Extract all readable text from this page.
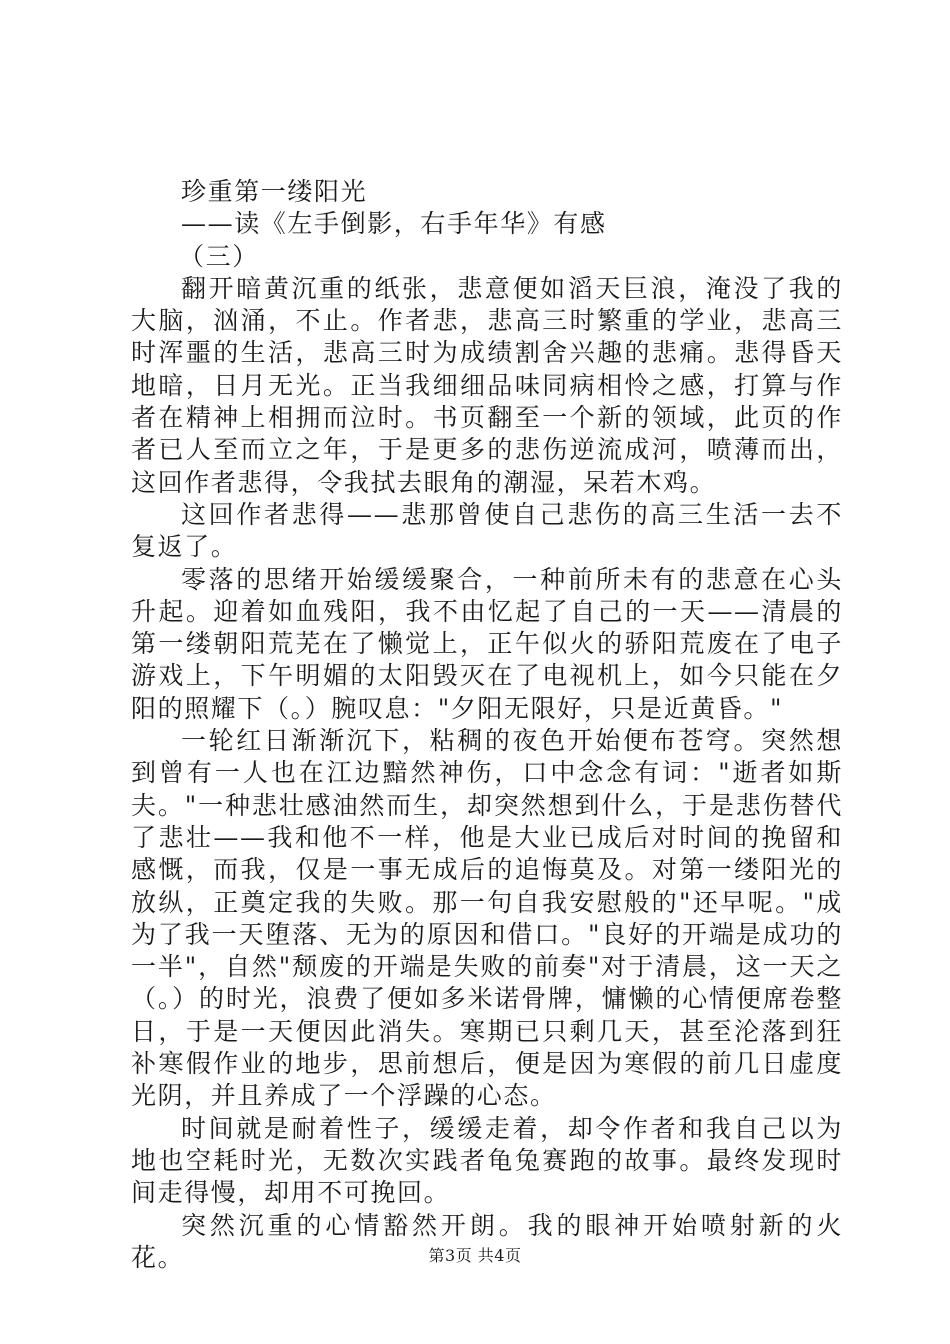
珍重第一缕阳光

——读《左手倒影，右手年华》有感

（三）

翻开暗黄沉重的纸张，悲意便如滔天巨浪，淹没了我的大脑，汹涌，不止。作者悲，悲高三时繁重的学业，悲高三时浑噩的生活，悲高三时为成绩割舍兴趣的悲痛。悲得昏天地暗，日月无光。正当我细细品味同病相怜之感，打算与作者在精神上相拥而泣时。书页翻至一个新的领域，此页的作者已人至而立之年，于是更多的悲伤逆流成河，喷薄而出，这回作者悲得，令我拭去眼角的潮湿，呆若木鸡。

这回作者悲得——悲那曾使自己悲伤的高三生活一去不复返了。

零落的思绪开始缓缓聚合，一种前所未有的悲意在心头升起。迎着如血残阳，我不由忆起了自己的一天——清晨的第一缕朝阳荒芜在了懒觉上，正午似火的骄阳荒废在了电子游戏上，下午明媚的太阳毁灭在了电视机上，如今只能在夕阳的照耀下（。）腕叹息："夕阳无限好，只是近黄昏。"

一轮红日渐渐沉下，粘稠的夜色开始便布苍穹。突然想到曾有一人也在江边黯然神伤，口中念念有词："逝者如斯夫。"一种悲壮感油然而生，却突然想到什么，于是悲伤替代了悲壮——我和他不一样，他是大业已成后对时间的挽留和感慨，而我，仅是一事无成后的追悔莫及。对第一缕阳光的放纵，正奠定我的失败。那一句自我安慰般的"还早呢。"成为了我一天堕落、无为的原因和借口。"良好的开端是成功的一半"，自然"颓废的开端是失败的前奏"对于清晨，这一天之（。）的时光，浪费了便如多米诺骨牌，慵懒的心情便席卷整日，于是一天便因此消失。寒期已只剩几天，甚至沦落到狂补寒假作业的地步，思前想后，便是因为寒假的前几日虚度光阴，并且养成了一个浮躁的心态。

时间就是耐着性子，缓缓走着，却令作者和我自己以为地也空耗时光，无数次实践者龟兔赛跑的故事。最终发现时间走得慢，却用不可挽回。

突然沉重的心情豁然开朗。我的眼神开始喷射新的火花。	第3页 共4页
